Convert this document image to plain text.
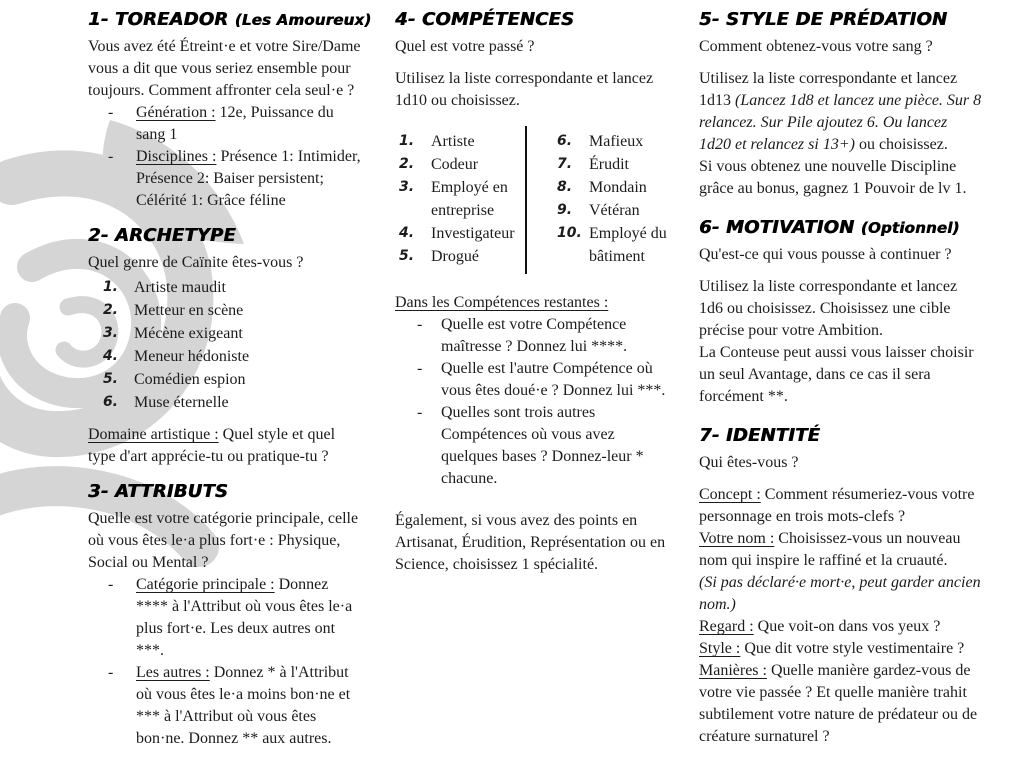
1- TOREADOR (Les Amoureux)

Vous avez été Étreint·e et votre Sire/Dame vous a dit que vous seriez ensemble pour toujours. Comment affronter cela seul·e ?

-	Génération : 12e, Puissance du sang 1

-	Disciplines : Présence 1: Intimider, Présence 2: Baiser persistent; Célérité 1: Grâce féline

2- ARCHETYPE

Quel genre de Caïnite êtes-vous ?

1. Artiste maudit
2. Metteur en scène
3. Mécène exigeant
4. Meneur hédoniste
5. Comédien espion
6. Muse éternelle

Domaine artistique : Quel style et quel type d'art apprécie-tu ou pratique-tu ?

3- ATTRIBUTS

Quelle est votre catégorie principale, celle où vous êtes le·a plus fort·e : Physique, Social ou Mental ?

-	Catégorie principale : Donnez **** à l'Attribut où vous êtes le·a plus fort·e. Les deux autres ont ***.

-	Les autres : Donnez * à l'Attribut où vous êtes le·a moins bon·ne et *** à l'Attribut où vous êtes bon·ne. Donnez ** aux autres.

4- COMPÉTENCES

Quel est votre passé ?

Utilisez la liste correspondante et lancez 1d10 ou choisissez.

1.	Artiste
2.	Codeur
3.	Employé en entreprise
4.	Investigateur
5.	Drogué
6.	Mafieux
7.	Érudit
8.	Mondain
9.	Vétéran
10. Employé du bâtiment

Dans les Compétences restantes :

-	Quelle est votre Compétence maîtresse ? Donnez lui ****.

-	Quelle est l'autre Compétence où vous êtes doué·e ? Donnez lui ***.

-	Quelles sont trois autres Compétences où vous avez quelques bases ? Donnez-leur * chacune.

Également, si vous avez des points en Artisanat, Érudition, Représentation ou en Science, choisissez 1 spécialité.

5- STYLE DE PRÉDATION

Comment obtenez-vous votre sang ?

Utilisez la liste correspondante et lancez 1d13 (Lancez 1d8 et lancez une pièce. Sur 8 relancez. Sur Pile ajoutez 6. Ou lancez 1d20 et relancez si 13+) ou choisissez.

Si vous obtenez une nouvelle Discipline grâce au bonus, gagnez 1 Pouvoir de lv 1.

6- MOTIVATION (Optionnel)

Qu'est-ce qui vous pousse à continuer ?

Utilisez la liste correspondante et lancez 1d6 ou choisissez. Choisissez une cible précise pour votre Ambition.

La Conteuse peut aussi vous laisser choisir un seul Avantage, dans ce cas il sera forcément **.

7- IDENTITÉ

Qui êtes-vous ?

Concept : Comment résumeriez-vous votre personnage en trois mots-clefs ?

Votre nom : Choisissez-vous un nouveau nom qui inspire le raffiné et la cruauté.

(Si pas déclaré·e mort·e, peut garder ancien nom.)

Regard : Que voit-on dans vos yeux ?

Style : Que dit votre style vestimentaire ?

Manières : Quelle manière gardez-vous de votre vie passée ? Et quelle manière trahit subtilement votre nature de prédateur ou de créature surnaturel ?
